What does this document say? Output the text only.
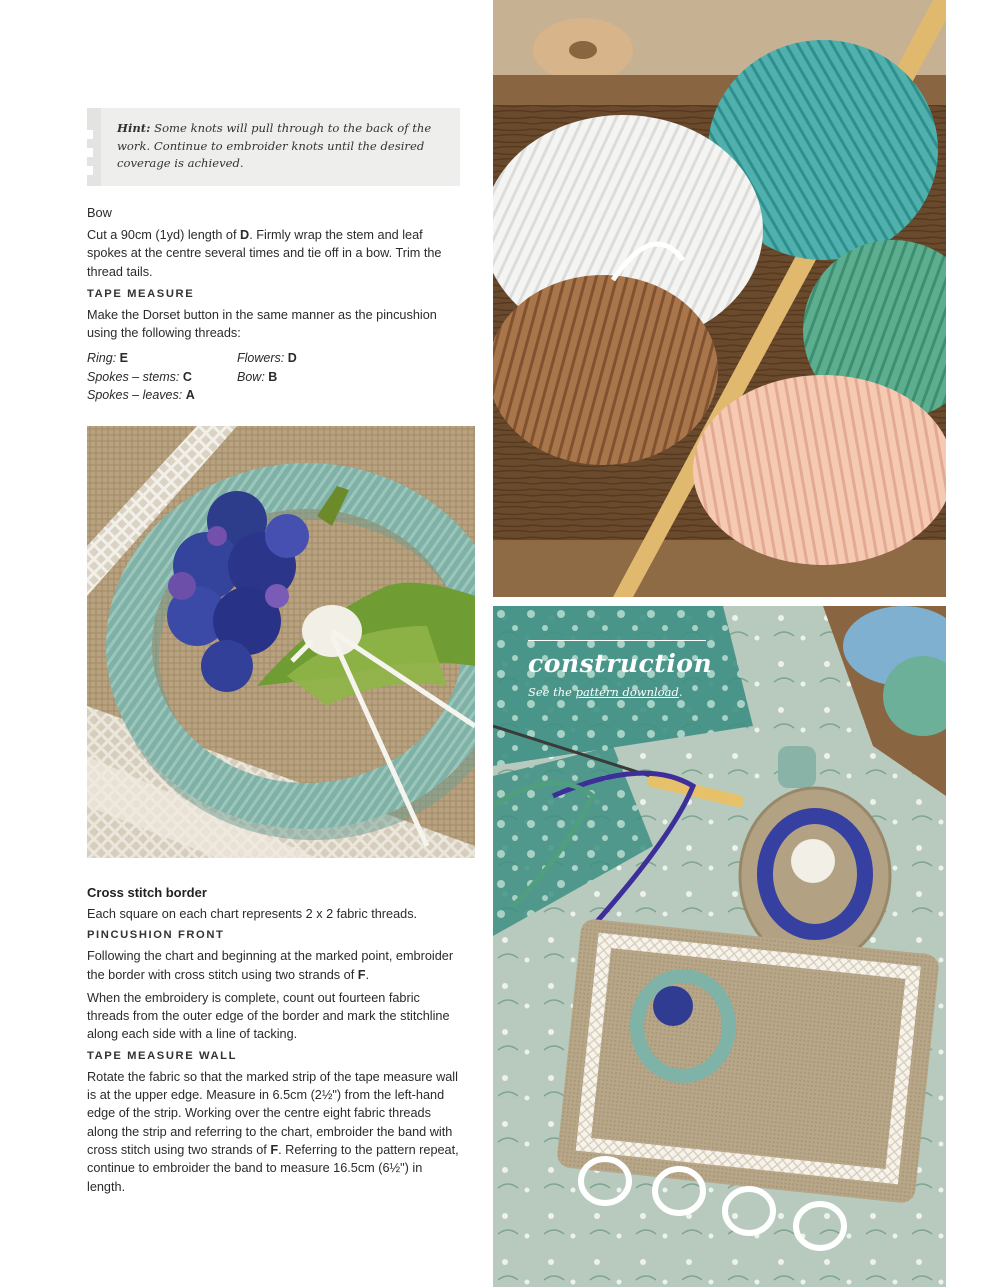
Hint: Some knots will pull through to the back of the work. Continue to embroider knots until the desired coverage is achieved.

Bow

Cut a 90cm (1yd) length of D. Firmly wrap the stem and leaf spokes at the centre several times and tie off in a bow. Trim the thread tails.

TAPE MEASURE

Make the Dorset button in the same manner as the pincushion using the following threads:

Ring: E	Flowers: D
Spokes – stems: C	Bow: B
Spokes – leaves: A
Cross stitch border

Each square on each chart represents 2 x 2 fabric threads.

PINCUSHION FRONT

Following the chart and beginning at the marked point, embroider the border with cross stitch using two strands of F.

When the embroidery is complete, count out fourteen fabric threads from the outer edge of the border and mark the stitchline along each side with a line of tacking.

TAPE MEASURE WALL

Rotate the fabric so that the marked strip of the tape measure wall is at the upper edge. Measure in 6.5cm (2½") from the left-hand edge of the strip. Working over the centre eight fabric threads along the strip and referring to the chart, embroider the band with cross stitch using two strands of F. Referring to the pattern repeat, continue to embroider the band to measure 16.5cm (6½") in length.

construction
See the pattern download.
